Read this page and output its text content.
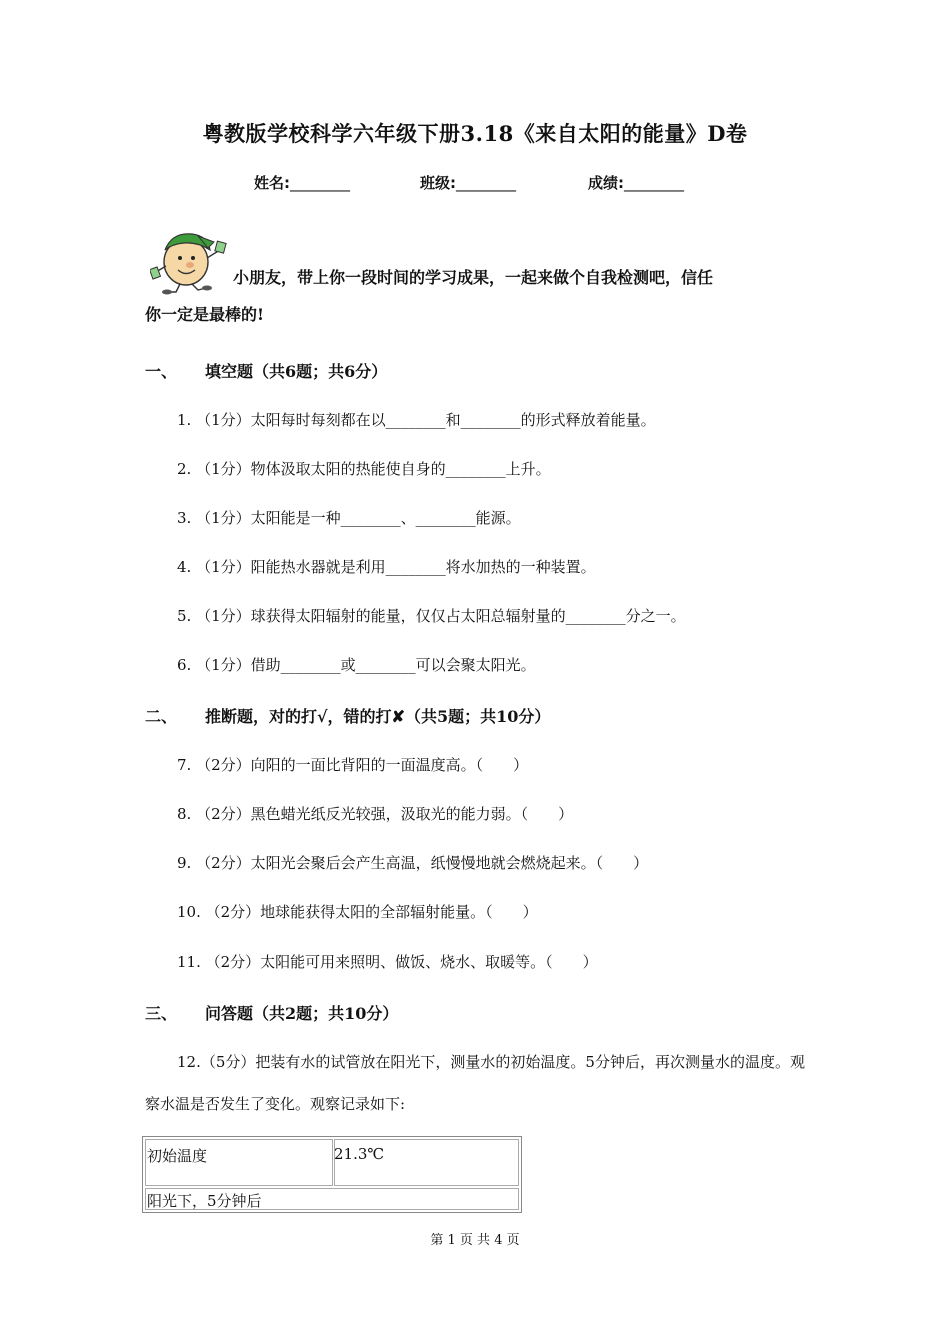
粤教版学校科学六年级下册3.18《来自太阳的能量》D卷
姓名:________	班级:________	成绩:________
小朋友，带上你一段时间的学习成果，一起来做个自我检测吧，信任
你一定是最棒的!
一、 填空题（共6题；共6分）
1. （1分）太阳每时每刻都在以________和________的形式释放着能量。
2. （1分）物体汲取太阳的热能使自身的________上升。
3. （1分）太阳能是一种________、________能源。
4. （1分）阳能热水器就是利用________将水加热的一种装置。
5. （1分）球获得太阳辐射的能量，仅仅占太阳总辐射量的________分之一。
6. （1分）借助________或________可以会聚太阳光。
二、 推断题，对的打√，错的打✘（共5题；共10分）
7. （2分）向阳的一面比背阳的一面温度高。（　　）
8. （2分）黑色蜡光纸反光较强，汲取光的能力弱。（　　）
9. （2分）太阳光会聚后会产生高温，纸慢慢地就会燃烧起来。（　　）
10. （2分）地球能获得太阳的全部辐射能量。（　　）
11. （2分）太阳能可用来照明、做饭、烧水、取暖等。（　　）
三、 问答题（共2题；共10分）
12.（5分）把装有水的试管放在阳光下，测量水的初始温度。5分钟后，再次测量水的温度。观察水温是否发生了变化。观察记录如下:
初始温度	21.3℃
阳光下，5分钟后
第 1 页 共 4 页
